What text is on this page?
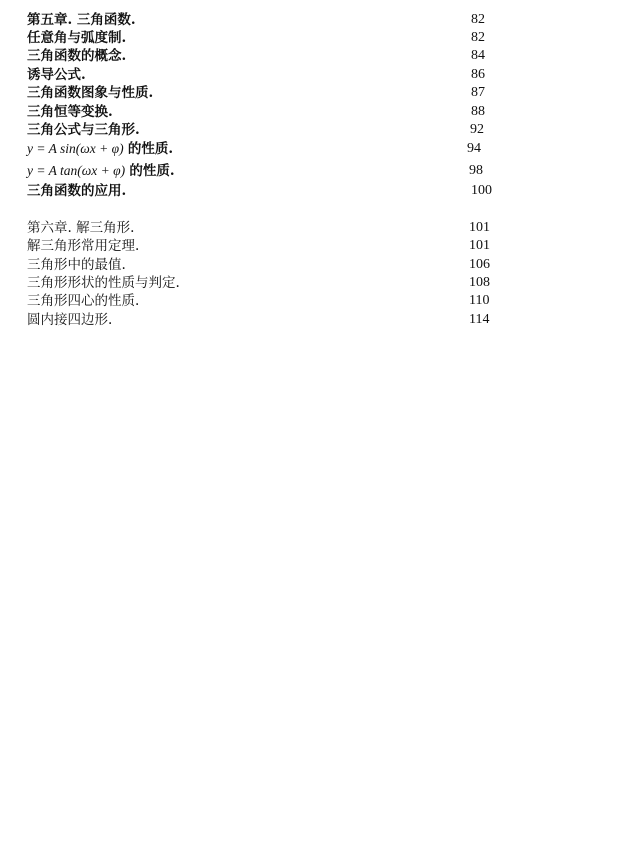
第五章. 三角函数.	82
任意角与弧度制.	82
三角函数的概念.	84
诱导公式.	86
三角函数图象与性质.	87
三角恒等变换.	88
三角公式与三角形.	92
y = A sin(ωx + φ) 的性质.	94
y = A tan(ωx + φ) 的性质.	98
三角函数的应用.	100
第六章. 解三角形.	101
解三角形常用定理.	101
三角形中的最值.	106
三角形形状的性质与判定.	108
三角形四心的性质.	110
圆内接四边形.	114
